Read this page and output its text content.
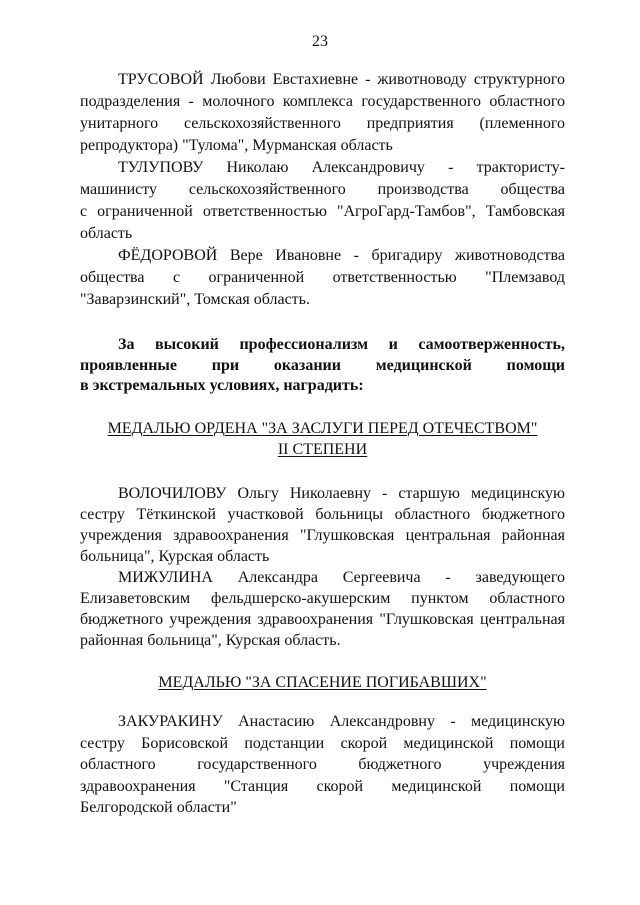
23
ТРУСОВОЙ Любови Евстахиевне - животноводу структурного
подразделения - молочного комплекса государственного областного
унитарного сельскохозяйственного предприятия (племенного
репродуктора) "Тулома", Мурманская область
ТУЛУПОВУ Николаю Александровичу - трактористу-
машинисту сельскохозяйственного производства общества
с ограниченной ответственностью "АгроГард-Тамбов", Тамбовская
область
ФЁДОРОВОЙ Вере Ивановне - бригадиру животноводства
общества с ограниченной ответственностью "Племзавод
"Заварзинский", Томская область.
За высокий профессионализм и самоотверженность,
проявленные при оказании медицинской помощи
в экстремальных условиях, наградить:
МЕДАЛЬЮ ОРДЕНА "ЗА ЗАСЛУГИ ПЕРЕД ОТЕЧЕСТВОМ"
II СТЕПЕНИ
ВОЛОЧИЛОВУ Ольгу Николаевну - старшую медицинскую
сестру Тёткинской участковой больницы областного бюджетного
учреждения здравоохранения "Глушковская центральная районная
больница", Курская область
МИЖУЛИНА Александра Сергеевича - заведующего
Елизаветовским фельдшерско-акушерским пунктом областного
бюджетного учреждения здравоохранения "Глушковская центральная
районная больница", Курская область.
МЕДАЛЬЮ "ЗА СПАСЕНИЕ ПОГИБАВШИХ"
ЗАКУРАКИНУ Анастасию Александровну - медицинскую
сестру Борисовской подстанции скорой медицинской помощи
областного государственного бюджетного учреждения
здравоохранения "Станция скорой медицинской помощи
Белгородской области"
